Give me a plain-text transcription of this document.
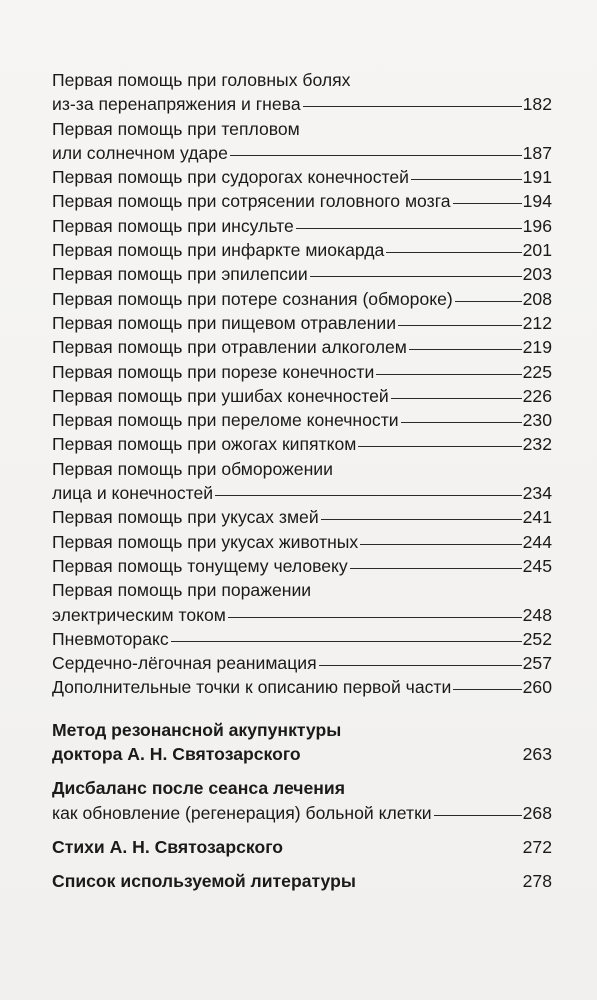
Первая помощь при головных болях
из-за перенапряжения и гнева	182
Первая помощь при тепловом
или солнечном ударе	187
Первая помощь при судорогах конечностей	191
Первая помощь при сотрясении головного мозга	194
Первая помощь при инсульте	196
Первая помощь при инфаркте миокарда	201
Первая помощь при эпилепсии	203
Первая помощь при потере сознания (обмороке)	208
Первая помощь при пищевом отравлении	212
Первая помощь при отравлении алкоголем	219
Первая помощь при порезе конечности	225
Первая помощь при ушибах конечностей	226
Первая помощь при переломе конечности	230
Первая помощь при ожогах кипятком	232
Первая помощь при обморожении
лица и конечностей	234
Первая помощь при укусах змей	241
Первая помощь при укусах животных	244
Первая помощь тонущему человеку	245
Первая помощь при поражении
электрическим током	248
Пневмоторакс	252
Сердечно-лёгочная реанимация	257
Дополнительные точки к описанию первой части	260
Метод резонансной акупунктуры
доктора А. Н. Святозарского	263
Дисбаланс после сеанса лечения
как обновление (регенерация) больной клетки	268
Стихи А. Н. Святозарского	272
Список используемой литературы	278
